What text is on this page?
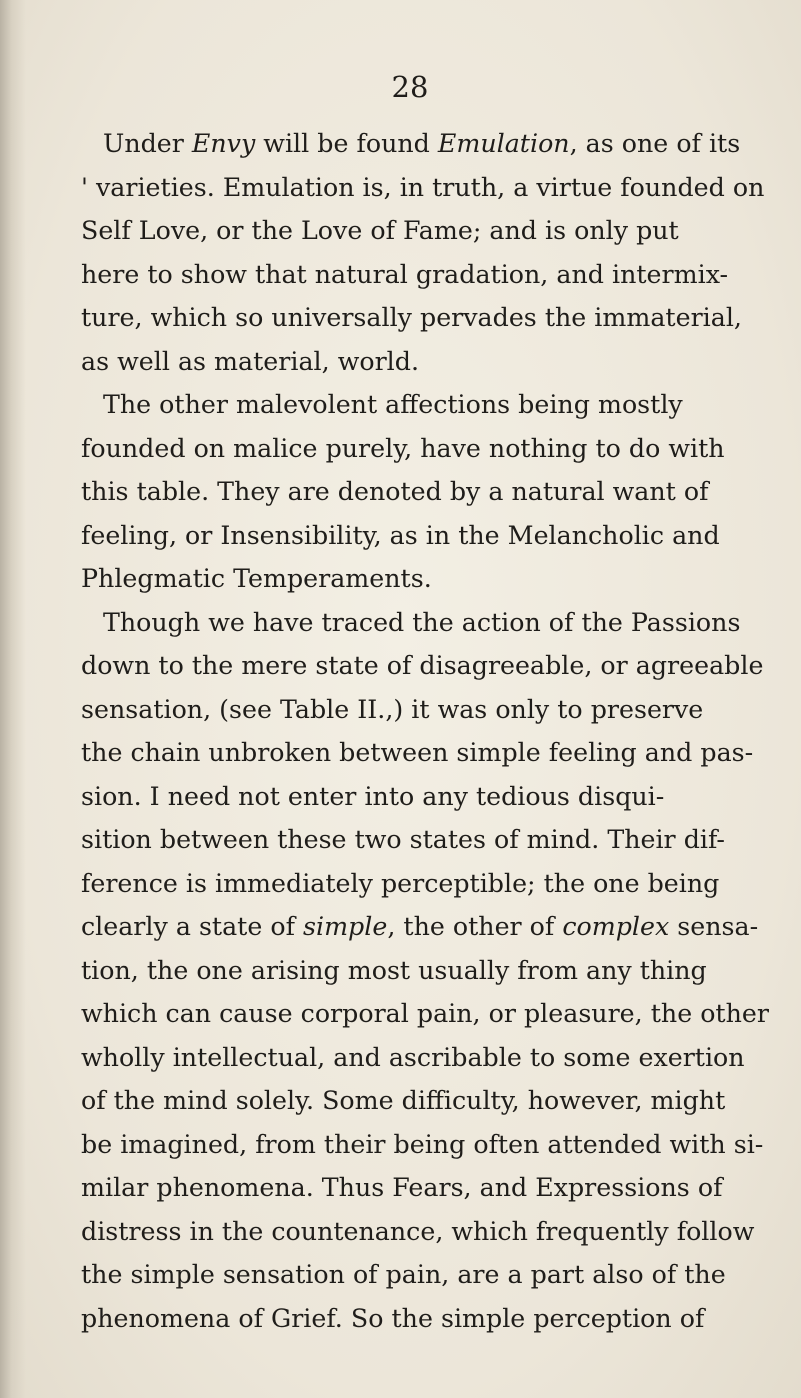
28
Under Envy will be found Emulation, as one of its
' varieties. Emulation is, in truth, a virtue founded on
Self Love, or the Love of Fame; and is only put
here to show that natural gradation, and intermix-
ture, which so universally pervades the immaterial,
as well as material, world.
The other malevolent affections being mostly
founded on malice purely, have nothing to do with
this table. They are denoted by a natural want of
feeling, or Insensibility, as in the Melancholic and
Phlegmatic Temperaments.
Though we have traced the action of the Passions
down to the mere state of disagreeable, or agreeable
sensation, (see Table II.,) it was only to preserve
the chain unbroken between simple feeling and pas-
sion. I need not enter into any tedious disqui-
sition between these two states of mind. Their dif-
ference is immediately perceptible; the one being
clearly a state of simple, the other of complex sensa-
tion, the one arising most usually from any thing
which can cause corporal pain, or pleasure, the other
wholly intellectual, and ascribable to some exertion
of the mind solely. Some difficulty, however, might
be imagined, from their being often attended with si-
milar phenomena. Thus Fears, and Expressions of
distress in the countenance, which frequently follow
the simple sensation of pain, are a part also of the
phenomena of Grief. So the simple perception of
